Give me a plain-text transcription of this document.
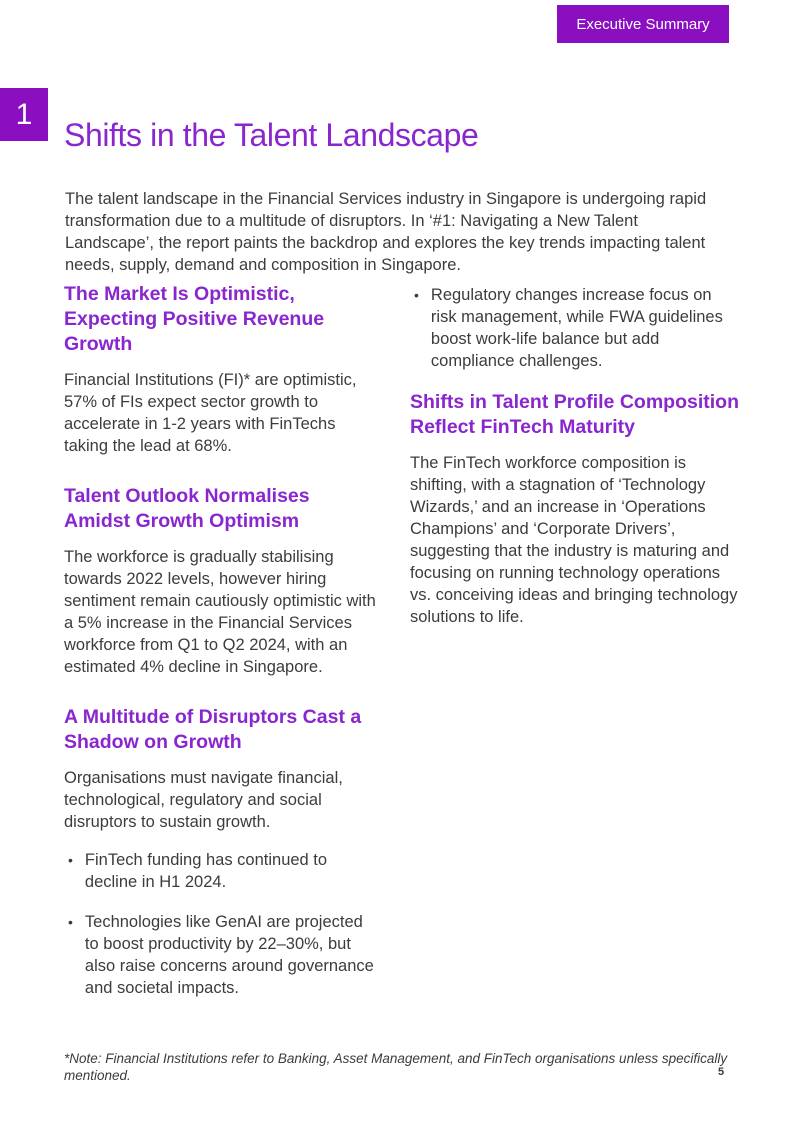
Executive Summary
1
Shifts in the Talent Landscape

The talent landscape in the Financial Services industry in Singapore is undergoing rapid transformation due to a multitude of disruptors. In ‘#1: Navigating a New Talent Landscape’, the report paints the backdrop and explores the key trends impacting talent needs, supply, demand and composition in Singapore.

The Market Is Optimistic, Expecting Positive Revenue Growth

Financial Institutions (FI)* are optimistic, 57% of FIs expect sector growth to accelerate in 1-2 years with FinTechs taking the lead at 68%.

Talent Outlook Normalises Amidst Growth Optimism

The workforce is gradually stabilising towards 2022 levels, however hiring sentiment remain cautiously optimistic with a 5% increase in the Financial Services workforce from Q1 to Q2 2024, with an estimated 4% decline in Singapore.

A Multitude of Disruptors Cast a Shadow on Growth

Organisations must navigate financial, technological, regulatory and social disruptors to sustain growth.

• FinTech funding has continued to decline in H1 2024.
• Technologies like GenAI are projected to boost productivity by 22–30%, but also raise concerns around governance and societal impacts.
• Regulatory changes increase focus on risk management, while FWA guidelines boost work-life balance but add compliance challenges.
Shifts in Talent Profile Composition Reflect FinTech Maturity

The FinTech workforce composition is shifting, with a stagnation of ‘Technology Wizards,’ and an increase in ‘Operations Champions’ and ‘Corporate Drivers’, suggesting that the industry is maturing and focusing on running technology operations vs. conceiving ideas and bringing technology solutions to life.

*Note: Financial Institutions refer to Banking, Asset Management, and FinTech organisations unless specifically mentioned.	5
